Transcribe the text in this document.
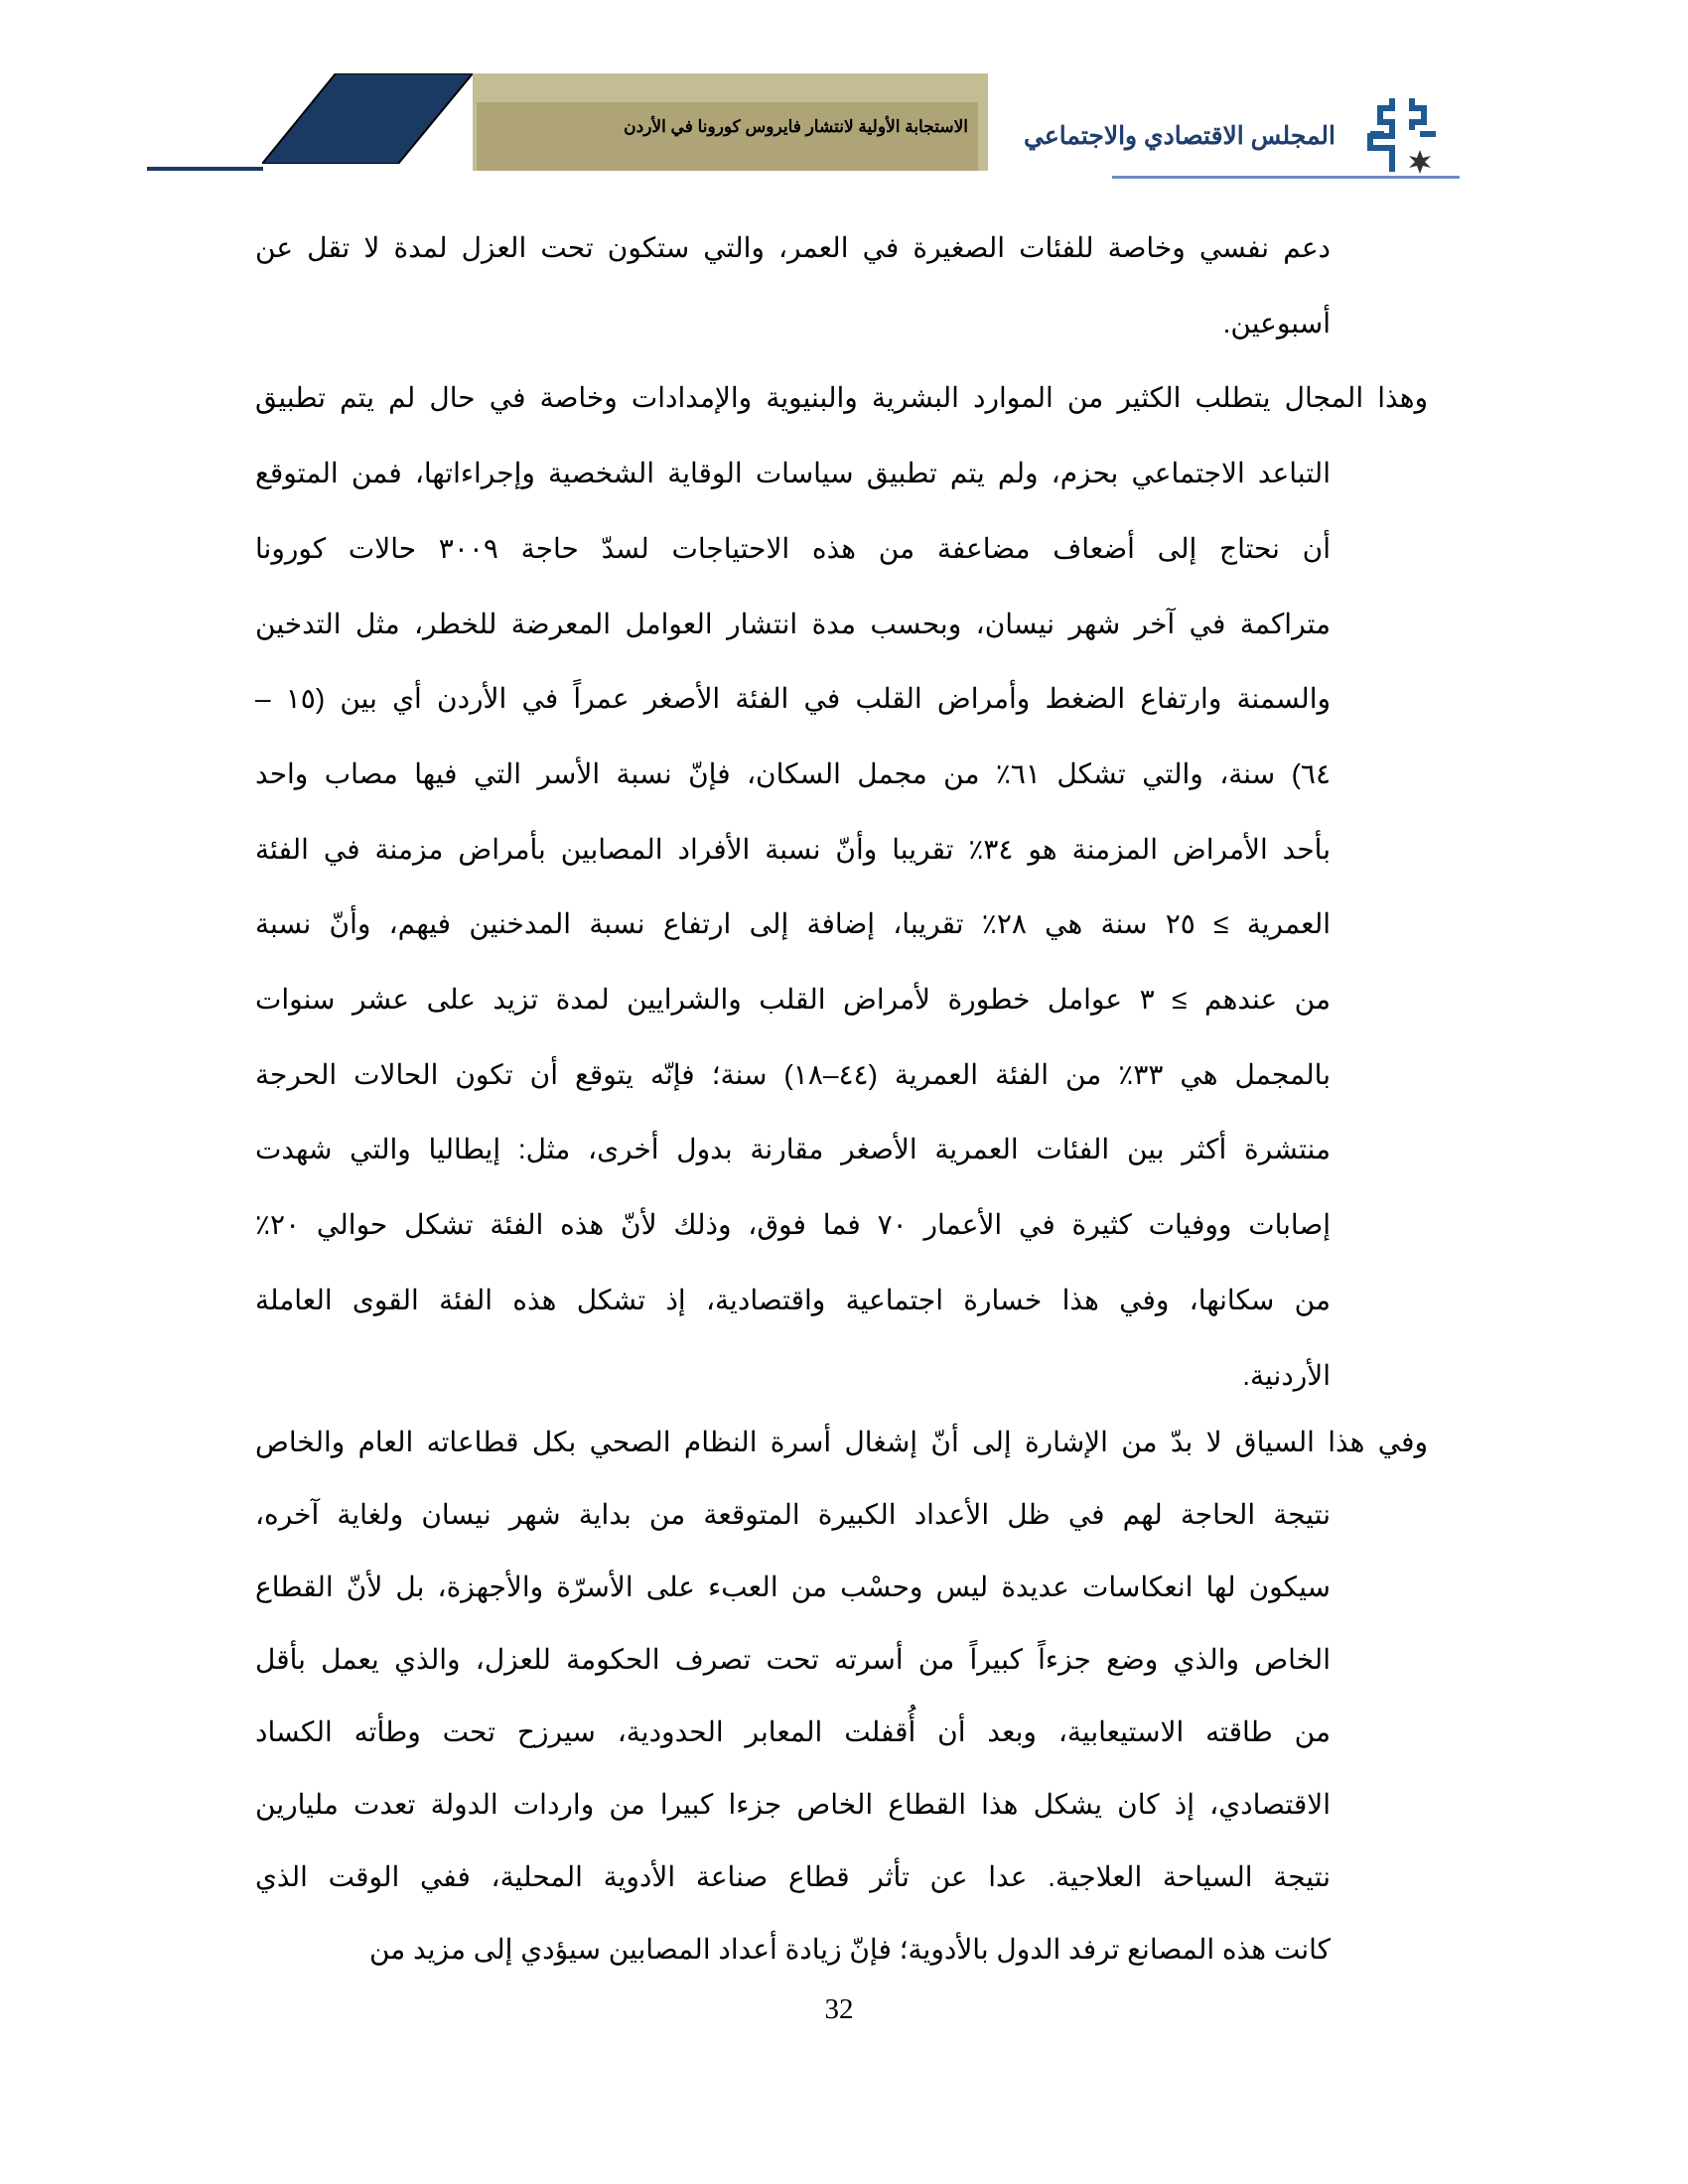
الاستجابة الأولية لانتشار فايروس كورونا في الأردن المجلس الاقتصادي والاجتماعي
دعم نفسي وخاصة للفئات الصغيرة في العمر، والتي ستكون تحت العزل لمدة لا تقل عن
أسبوعين.
وهذا المجال يتطلب الكثير من الموارد البشرية والبنيوية والإمدادات وخاصة في حال لم يتم تطبيق
التباعد الاجتماعي بحزم، ولم يتم تطبيق سياسات الوقاية الشخصية وإجراءاتها، فمن المتوقع
أن نحتاج إلى أضعاف مضاعفة من هذه الاحتياجات لسدّ حاجة ٣٠٠٩ حالات كورونا
متراكمة في آخر شهر نيسان، وبحسب مدة انتشار العوامل المعرضة للخطر، مثل التدخين
والسمنة وارتفاع الضغط وأمراض القلب في الفئة الأصغر عمراً في الأردن أي بين (١٥ –
٦٤) سنة، والتي تشكل ٦١٪ من مجمل السكان، فإنّ نسبة الأسر التي فيها مصاب واحد
بأحد الأمراض المزمنة هو ٣٤٪ تقريبا وأنّ نسبة الأفراد المصابين بأمراض مزمنة في الفئة
العمرية ≥ ٢٥ سنة هي ٢٨٪ تقريبا، إضافة إلى ارتفاع نسبة المدخنين فيهم، وأنّ نسبة
من عندهم ≥ ٣ عوامل خطورة لأمراض القلب والشرايين لمدة تزيد على عشر سنوات
بالمجمل هي ٣٣٪ من الفئة العمرية (٤٤–١٨) سنة؛ فإنّه يتوقع أن تكون الحالات الحرجة
منتشرة أكثر بين الفئات العمرية الأصغر مقارنة بدول أخرى، مثل: إيطاليا والتي شهدت
إصابات ووفيات كثيرة في الأعمار ٧٠ فما فوق، وذلك لأنّ هذه الفئة تشكل حوالي ٢٠٪
من سكانها، وفي هذا خسارة اجتماعية واقتصادية، إذ تشكل هذه الفئة القوى العاملة
الأردنية.
وفي هذا السياق لا بدّ من الإشارة إلى أنّ إشغال أسرة النظام الصحي بكل قطاعاته العام والخاص
نتيجة الحاجة لهم في ظل الأعداد الكبيرة المتوقعة من بداية شهر نيسان ولغاية آخره،
سيكون لها انعكاسات عديدة ليس وحسْب من العبء على الأسرّة والأجهزة، بل لأنّ القطاع
الخاص والذي وضع جزءاً كبيراً من أسرته تحت تصرف الحكومة للعزل، والذي يعمل بأقل
من طاقته الاستيعابية، وبعد أن أُقفلت المعابر الحدودية، سيرزح تحت وطأته الكساد
الاقتصادي، إذ كان يشكل هذا القطاع الخاص جزءا كبيرا من واردات الدولة تعدت مليارين
نتيجة السياحة العلاجية. عدا عن تأثر قطاع صناعة الأدوية المحلية، ففي الوقت الذي
كانت هذه المصانع ترفد الدول بالأدوية؛ فإنّ زيادة أعداد المصابين سيؤدي إلى مزيد من
32
